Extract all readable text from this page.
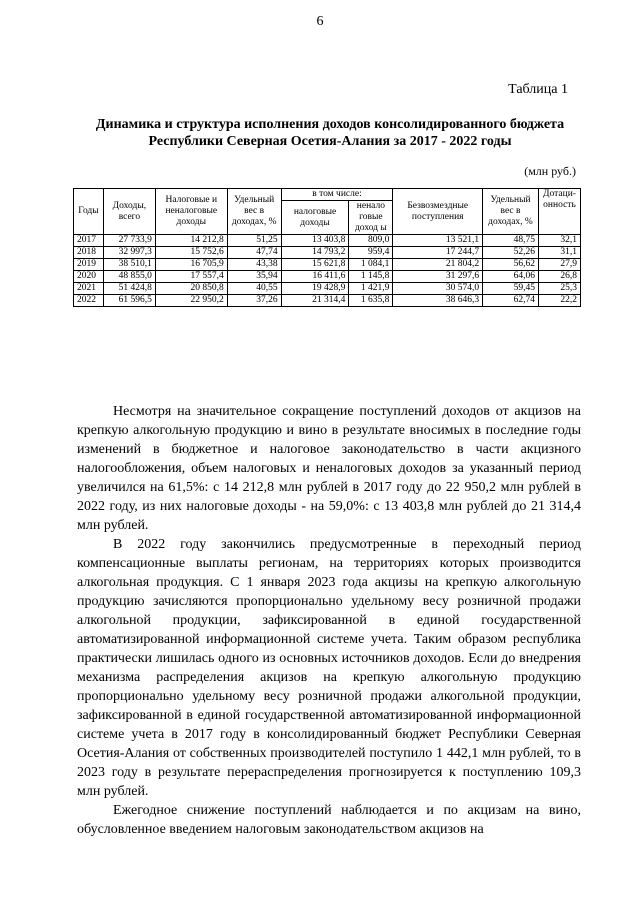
6
Таблица 1
Динамика и структура исполнения доходов консолидированного бюджета Республики Северная Осетия-Алания за 2017 - 2022 годы
(млн руб.)
Годы	Доходы, всего	Налоговые и неналоговые доходы	Удельный вес в доходах, %	в том числе:		Безвозмездные поступления	Удельный вес в доходах, %	Дотаци-онность
				налоговые доходы	ненало говые доход ы			
2017	27 733,9	14 212,8	51,25	13 403,8	809,0	13 521,1	48,75	32,1
2018	32 997,3	15 752,6	47,74	14 793,2	959,4	17 244,7	52,26	31,1
2019	38 510,1	16 705,9	43,38	15 621,8	1 084,1	21 804,2	56,62	27,9
2020	48 855,0	17 557,4	35,94	16 411,6	1 145,8	31 297,6	64,06	26,8
2021	51 424,8	20 850,8	40,55	19 428,9	1 421,9	30 574,0	59,45	25,3
2022	61 596,5	22 950,2	37,26	21 314,4	1 635,8	38 646,3	62,74	22,2

Несмотря на значительное сокращение поступлений доходов от акцизов на крепкую алкогольную продукцию и вино в результате вносимых в последние годы изменений в бюджетное и налоговое законодательство в части акцизного налогообложения, объем налоговых и неналоговых доходов за указанный период увеличился на 61,5%: с 14 212,8 млн рублей в 2017 году до 22 950,2 млн рублей в 2022 году, из них налоговые доходы - на 59,0%: с 13 403,8 млн рублей до 21 314,4 млн рублей.

В 2022 году закончились предусмотренные в переходный период компенсационные выплаты регионам, на территориях которых производится алкогольная продукция. С 1 января 2023 года акцизы на крепкую алкогольную продукцию зачисляются пропорционально удельному весу розничной продажи алкогольной продукции, зафиксированной в единой государственной автоматизированной информационной системе учета. Таким образом республика практически лишилась одного из основных источников доходов. Если до внедрения механизма распределения акцизов на крепкую алкогольную продукцию пропорционально удельному весу розничной продажи алкогольной продукции, зафиксированной в единой государственной автоматизированной информационной системе учета в 2017 году в консолидированный бюджет Республики Северная Осетия-Алания от собственных производителей поступило 1 442,1 млн рублей, то в 2023 году в результате перераспределения прогнозируется к поступлению 109,3 млн рублей.

Ежегодное снижение поступлений наблюдается и по акцизам на вино, обусловленное введением налоговым законодательством акцизов на
